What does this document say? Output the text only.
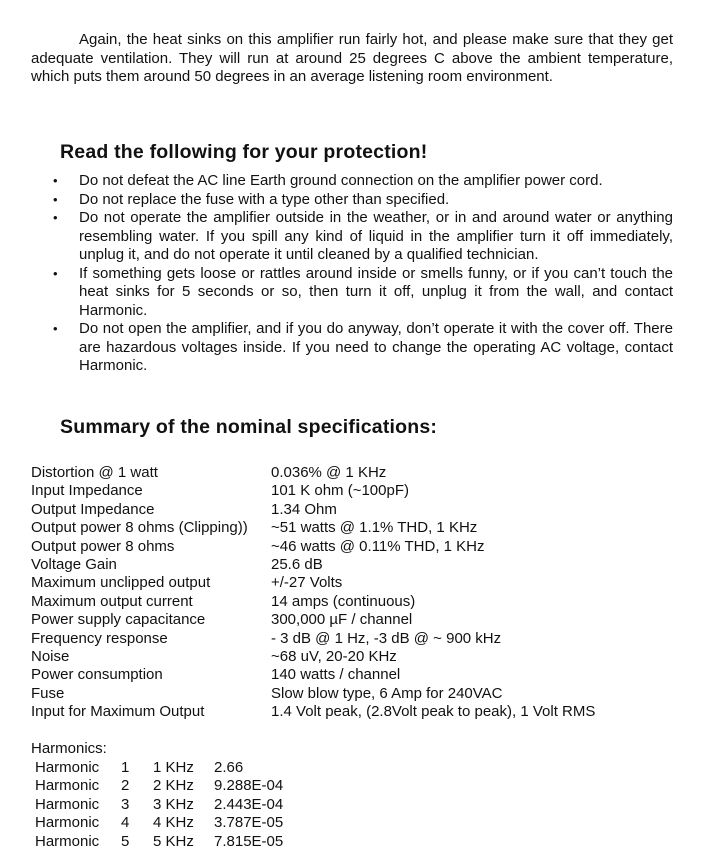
Again, the heat sinks on this amplifier run fairly hot, and please make sure that they get adequate ventilation. They will run at around 25 degrees C above the ambient temperature, which puts them around 50 degrees in an average listening room environment.

Read the following for your protection!
•	Do not defeat the AC line Earth ground connection on the amplifier power cord.
•	Do not replace the fuse with a type other than specified.
•	Do not operate the amplifier outside in the weather, or in and around water or anything resembling water. If you spill any kind of liquid in the amplifier turn it off immediately, unplug it, and do not operate it until cleaned by a qualified technician.
•	If something gets loose or rattles around inside or smells funny, or if you can’t touch the heat sinks for 5 seconds or so, then turn it off, unplug it from the wall, and contact Harmonic.
•	Do not open the amplifier, and if you do anyway, don’t operate it with the cover off. There are hazardous voltages inside. If you need to change the operating AC voltage, contact Harmonic.
Summary of the nominal specifications:
Distortion @ 1 watt	0.036% @ 1 KHz
Input Impedance	101 K ohm (~100pF)
Output Impedance	1.34 Ohm
Output power 8 ohms (Clipping))	~51 watts @ 1.1% THD, 1 KHz
Output power 8 ohms	~46 watts @ 0.11% THD, 1 KHz
Voltage Gain	25.6 dB
Maximum unclipped output	+/-27 Volts
Maximum output current	14 amps (continuous)
Power supply capacitance	300,000 µF / channel
Frequency response	- 3 dB @ 1 Hz, -3 dB @ ~ 900 kHz
Noise	~68 uV, 20-20 KHz
Power consumption	140 watts / channel
Fuse	Slow blow type, 6 Amp for 240VAC
Input for Maximum Output	1.4 Volt peak, (2.8Volt peak to peak), 1 Volt RMS

Harmonics:

Harmonic	1	1 KHz	2.66
Harmonic	2	2 KHz	9.288E-04
Harmonic	3	3 KHz	2.443E-04
Harmonic	4	4 KHz	3.787E-05
Harmonic	5	5 KHz	7.815E-05
